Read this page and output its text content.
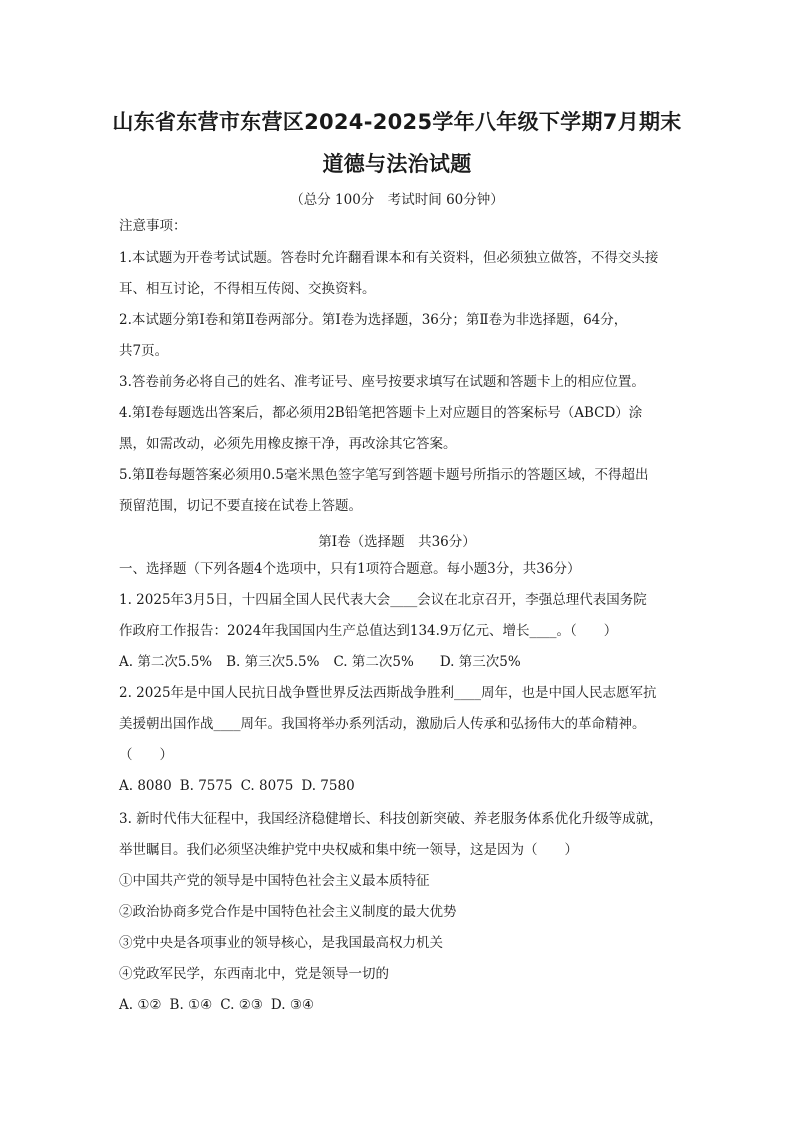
山东省东营市东营区2024-2025学年八年级下学期7月期末
道德与法治试题
（总分 100分　考试时间 60分钟）
注意事项：
1.本试题为开卷考试试题。答卷时允许翻看课本和有关资料，但必须独立做答，不得交头接
耳、相互讨论，不得相互传阅、交换资料。
2.本试题分第Ⅰ卷和第Ⅱ卷两部分。第Ⅰ卷为选择题，36分；第Ⅱ卷为非选择题，64分，
共7页。
3.答卷前务必将自己的姓名、准考证号、座号按要求填写在试题和答题卡上的相应位置。
4.第Ⅰ卷每题选出答案后，都必须用2B铅笔把答题卡上对应题目的答案标号（ABCD）涂
黑，如需改动，必须先用橡皮擦干净，再改涂其它答案。
5.第Ⅱ卷每题答案必须用0.5毫米黑色签字笔写到答题卡题号所指示的答题区域，不得超出
预留范围，切记不要直接在试卷上答题。
第Ⅰ卷（选择题　共36分）
一、选择题（下列各题4个选项中，只有1项符合题意。每小题3分，共36分）
1. 2025年3月5日，十四届全国人民代表大会____会议在北京召开，李强总理代表国务院
作政府工作报告：2024年我国国内生产总值达到134.9万亿元、增长____。（　　）
A. 第二次5.5% B. 第三次5.5% C. 第二次5% D. 第三次5%
2. 2025年是中国人民抗日战争暨世界反法西斯战争胜利____周年，也是中国人民志愿军抗
美援朝出国作战____周年。我国将举办系列活动，激励后人传承和弘扬伟大的革命精神。
（　　）
A. 8080 B. 7575 C. 8075 D. 7580
3. 新时代伟大征程中，我国经济稳健增长、科技创新突破、养老服务体系优化升级等成就，
举世瞩目。我们必须坚决维护党中央权威和集中统一领导，这是因为（　　）
①中国共产党的领导是中国特色社会主义最本质特征
②政治协商多党合作是中国特色社会主义制度的最大优势
③党中央是各项事业的领导核心，是我国最高权力机关
④党政军民学，东西南北中，党是领导一切的
A. ①② B. ①④ C. ②③ D. ③④
